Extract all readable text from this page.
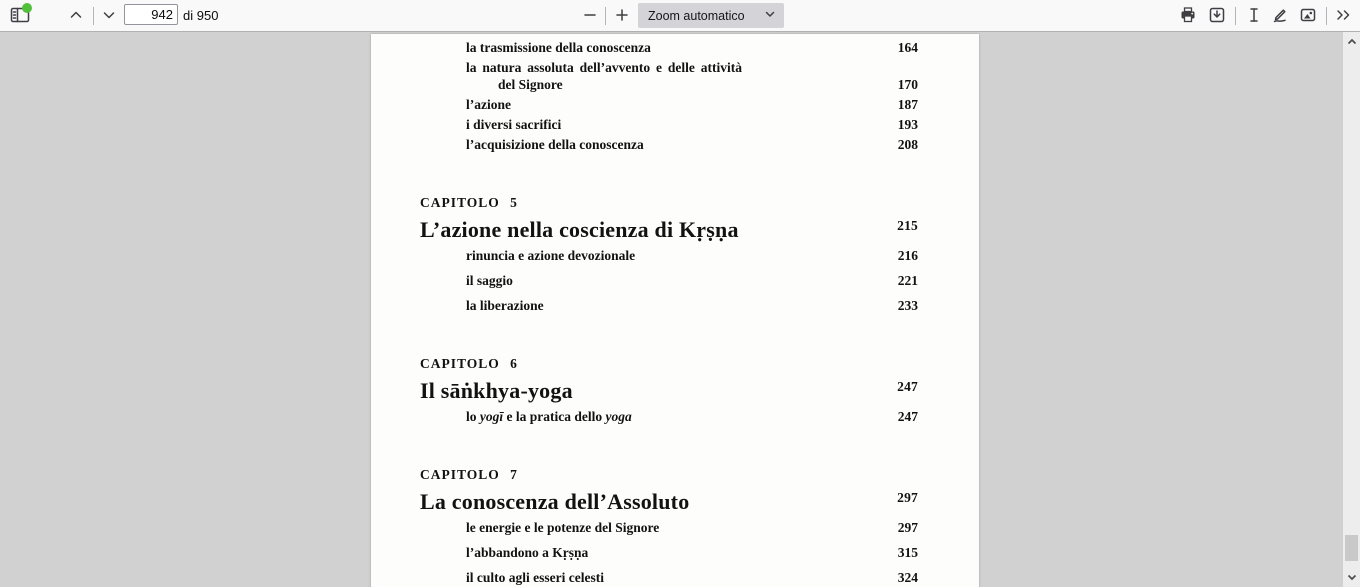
942
di 950	Zoom automatico
la trasmissione della conoscenza	164
la natura assoluta dell’avvento e delle attività
del Signore	170
l’azione	187
i diversi sacrifici	193
l’acquisizione della conoscenza	208
CAPITOLO 5
L’azione nella coscienza di Kṛṣṇa	215
rinuncia e azione devozionale	216
il saggio	221
la liberazione	233
CAPITOLO 6
Il sāṅkhya-yoga	247
lo yogī e la pratica dello yoga	247
CAPITOLO 7
La conoscenza dell’Assoluto	297
le energie e le potenze del Signore	297
l’abbandono a Kṛṣṇa	315
il culto agli esseri celesti	324
